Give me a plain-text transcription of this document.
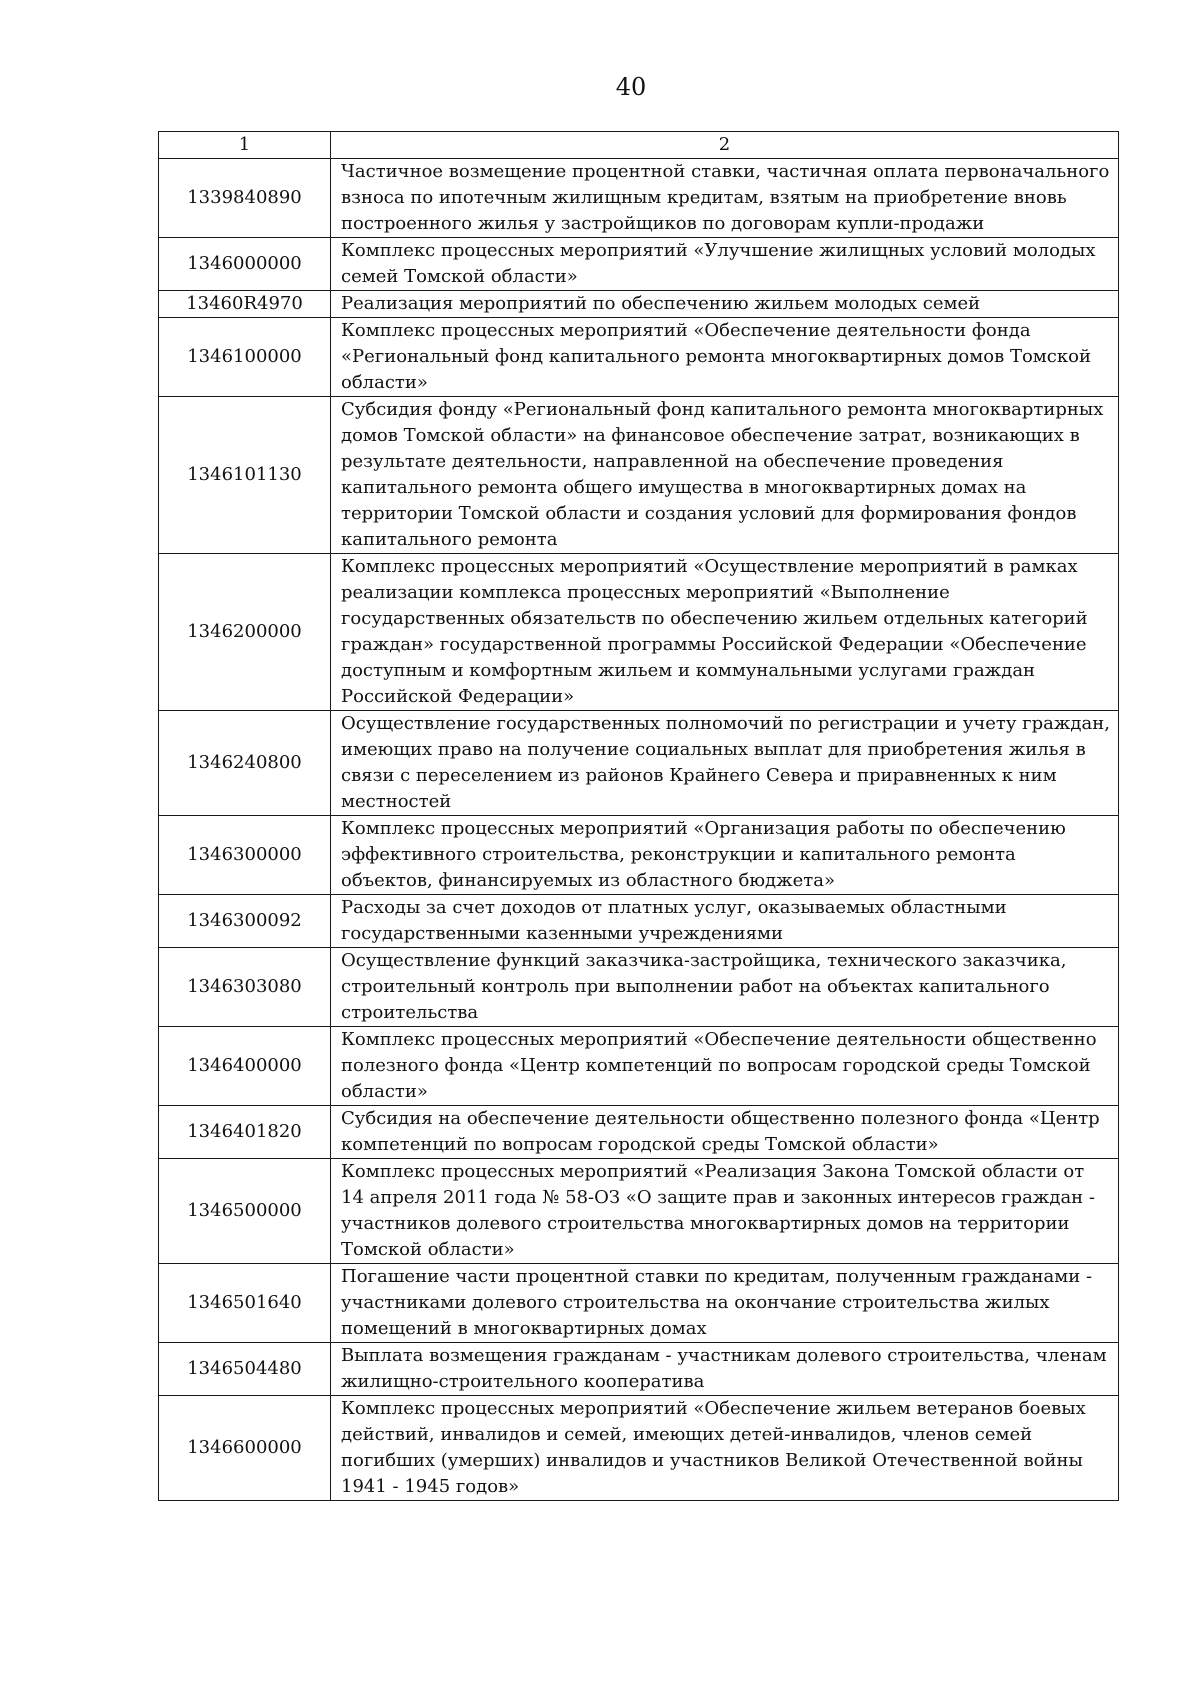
40
1	2
1339840890	Частичное возмещение процентной ставки, частичная оплата первоначального взноса по ипотечным жилищным кредитам, взятым на приобретение вновь построенного жилья у застройщиков по договорам купли-продажи
1346000000	Комплекс процессных мероприятий «Улучшение жилищных условий молодых семей Томской области»
13460R4970	Реализация мероприятий по обеспечению жильем молодых семей
1346100000	Комплекс процессных мероприятий «Обеспечение деятельности фонда «Региональный фонд капитального ремонта многоквартирных домов Томской области»
1346101130	Субсидия фонду «Региональный фонд капитального ремонта многоквартирных домов Томской области» на финансовое обеспечение затрат, возникающих в результате деятельности, направленной на обеспечение проведения капитального ремонта общего имущества в многоквартирных домах на территории Томской области и создания условий для формирования фондов капитального ремонта
1346200000	Комплекс процессных мероприятий «Осуществление мероприятий в рамках реализации комплекса процессных мероприятий «Выполнение государственных обязательств по обеспечению жильем отдельных категорий граждан» государственной программы Российской Федерации «Обеспечение доступным и комфортным жильем и коммунальными услугами граждан Российской Федерации»
1346240800	Осуществление государственных полномочий по регистрации и учету граждан, имеющих право на получение социальных выплат для приобретения жилья в связи с переселением из районов Крайнего Севера и приравненных к ним местностей
1346300000	Комплекс процессных мероприятий «Организация работы по обеспечению эффективного строительства, реконструкции и капитального ремонта объектов, финансируемых из областного бюджета»
1346300092	Расходы за счет доходов от платных услуг, оказываемых областными государственными казенными учреждениями
1346303080	Осуществление функций заказчика-застройщика, технического заказчика, строительный контроль при выполнении работ на объектах капитального строительства
1346400000	Комплекс процессных мероприятий «Обеспечение деятельности общественно полезного фонда «Центр компетенций по вопросам городской среды Томской области»
1346401820	Субсидия на обеспечение деятельности общественно полезного фонда «Центр компетенций по вопросам городской среды Томской области»
1346500000	Комплекс процессных мероприятий «Реализация Закона Томской области от 14 апреля 2011 года № 58-ОЗ «О защите прав и законных интересов граждан - участников долевого строительства многоквартирных домов на территории Томской области»
1346501640	Погашение части процентной ставки по кредитам, полученным гражданами - участниками долевого строительства на окончание строительства жилых помещений в многоквартирных домах
1346504480	Выплата возмещения гражданам - участникам долевого строительства, членам жилищно-строительного кооператива
1346600000	Комплекс процессных мероприятий «Обеспечение жильем ветеранов боевых действий, инвалидов и семей, имеющих детей-инвалидов, членов семей погибших (умерших) инвалидов и участников Великой Отечественной войны 1941 - 1945 годов»
